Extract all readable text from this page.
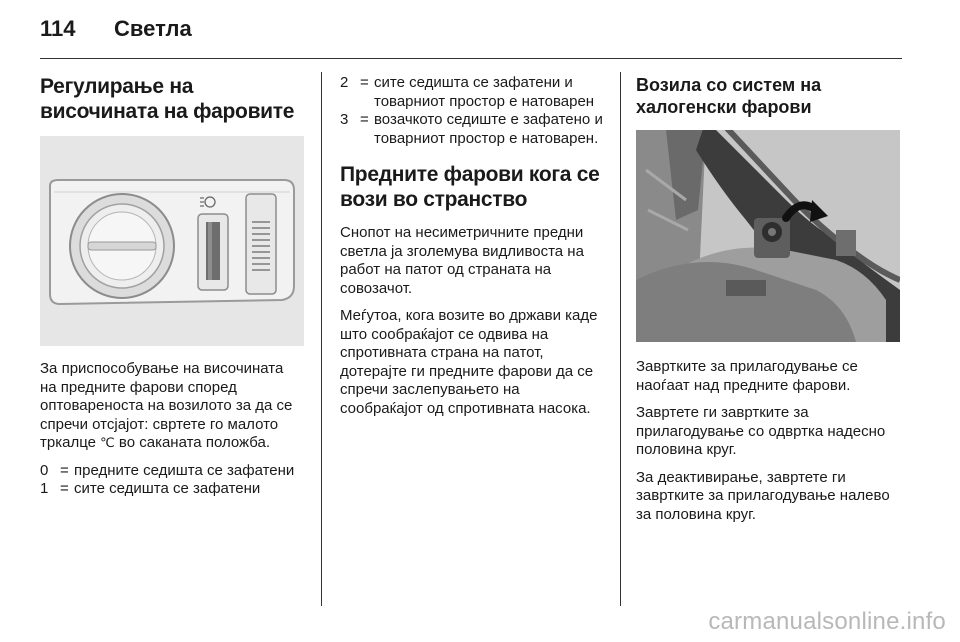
114 Светла
Регулирање на
височината на фаровите

За приспособување на височината на предните фарови според оптовареноста на возилото за да се спречи отсјајот: свртете го малото тркалце ℃ во саканата положба.

0 = предните седишта се зафатени
1 = сите седишта се зафатени
2 = сите седишта се зафатени и товарниот простор е натоварен
3 = возачкото седиште е зафатено и товарниот простор е натоварен.
Предните фарови кога се вози во странство

Снопот на несиметричните предни светла ја зголемува видливоста на работ на патот од страната на совозачот.

Меѓутоа, кога возите во држави каде што сообраќајот се одвива на спротивната страна на патот, дотерајте ги предните фарови да се спречи заслепувањето на сообраќајот од спротивната насока.

Возила со систем на халогенски фарови

Завртките за прилагодување се наоѓаат над предните фарови.

Завртете ги завртките за прилагодување со одвртка надесно половина круг.

За деактивирање, завртете ги завртките за прилагодување налево за половина круг.

carmanualsonline.info
